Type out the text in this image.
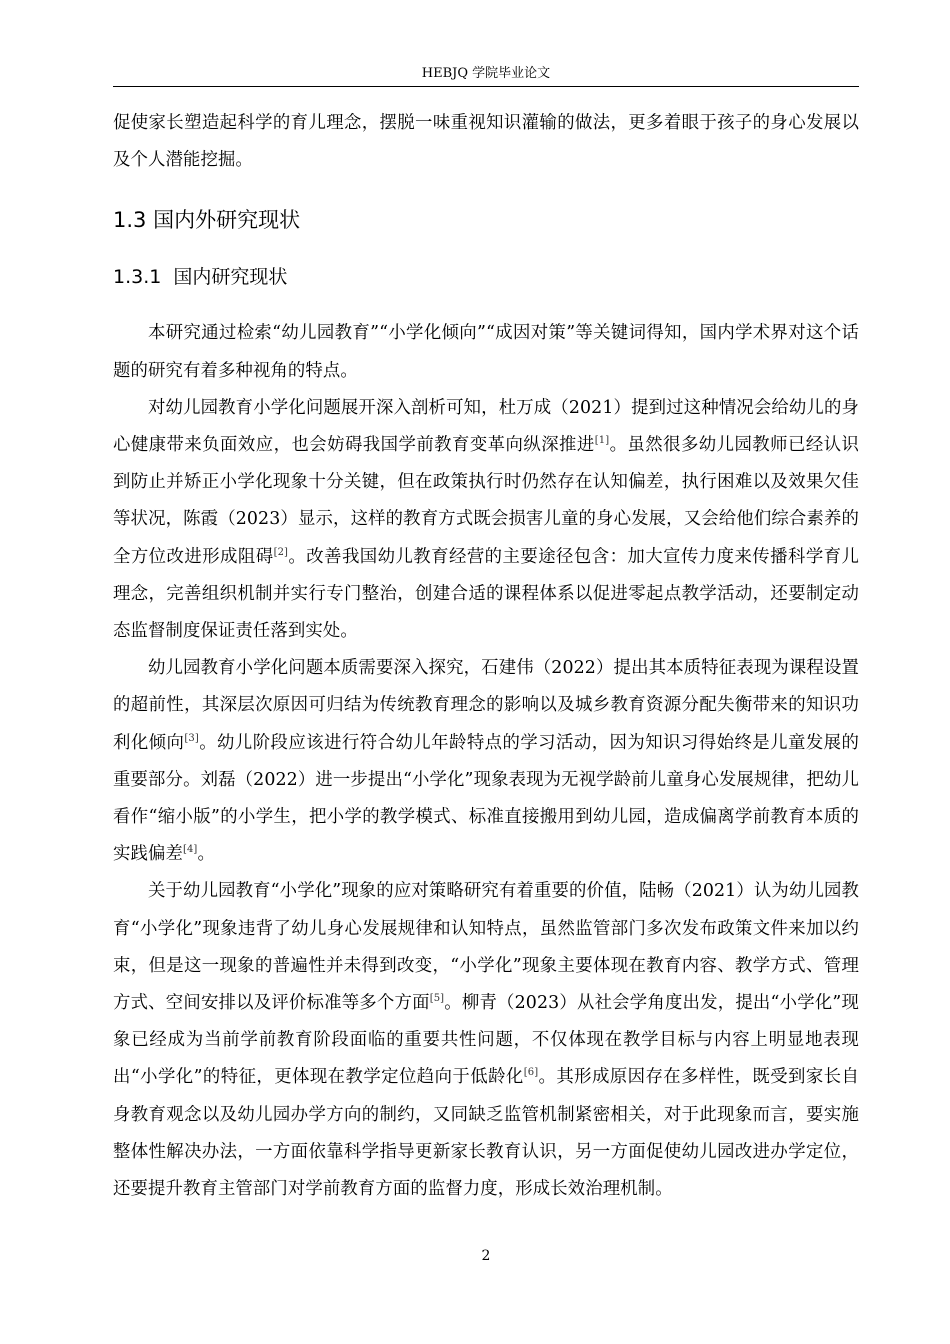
HEBJQ 学院毕业论文

促使家长塑造起科学的育儿理念，摆脱一味重视知识灌输的做法，更多着眼于孩子的身心发展以及个人潜能挖掘。

1.3 国内外研究现状
1.3.1 国内研究现状

本研究通过检索“幼儿园教育”“小学化倾向”“成因对策”等关键词得知，国内学术界对这个话题的研究有着多种视角的特点。

对幼儿园教育小学化问题展开深入剖析可知，杜万成（2021）提到过这种情况会给幼儿的身心健康带来负面效应，也会妨碍我国学前教育变革向纵深推进[1]。虽然很多幼儿园教师已经认识到防止并矫正小学化现象十分关键，但在政策执行时仍然存在认知偏差，执行困难以及效果欠佳等状况，陈霞（2023）显示，这样的教育方式既会损害儿童的身心发展，又会给他们综合素养的全方位改进形成阻碍[2]。改善我国幼儿教育经营的主要途径包含：加大宣传力度来传播科学育儿理念，完善组织机制并实行专门整治，创建合适的课程体系以促进零起点教学活动，还要制定动态监督制度保证责任落到实处。

幼儿园教育小学化问题本质需要深入探究，石建伟（2022）提出其本质特征表现为课程设置的超前性，其深层次原因可归结为传统教育理念的影响以及城乡教育资源分配失衡带来的知识功利化倾向[3]。幼儿阶段应该进行符合幼儿年龄特点的学习活动，因为知识习得始终是儿童发展的重要部分。刘磊（2022）进一步提出“小学化”现象表现为无视学龄前儿童身心发展规律，把幼儿看作“缩小版”的小学生，把小学的教学模式、标准直接搬用到幼儿园，造成偏离学前教育本质的实践偏差[4]。

关于幼儿园教育“小学化”现象的应对策略研究有着重要的价值，陆畅（2021）认为幼儿园教育“小学化”现象违背了幼儿身心发展规律和认知特点，虽然监管部门多次发布政策文件来加以约束，但是这一现象的普遍性并未得到改变，“小学化”现象主要体现在教育内容、教学方式、管理方式、空间安排以及评价标准等多个方面[5]。柳青（2023）从社会学角度出发，提出“小学化”现象已经成为当前学前教育阶段面临的重要共性问题，不仅体现在教学目标与内容上明显地表现出“小学化”的特征，更体现在教学定位趋向于低龄化[6]。其形成原因存在多样性，既受到家长自身教育观念以及幼儿园办学方向的制约，又同缺乏监管机制紧密相关，对于此现象而言，要实施整体性解决办法，一方面依靠科学指导更新家长教育认识，另一方面促使幼儿园改进办学定位，还要提升教育主管部门对学前教育方面的监督力度，形成长效治理机制。

2
